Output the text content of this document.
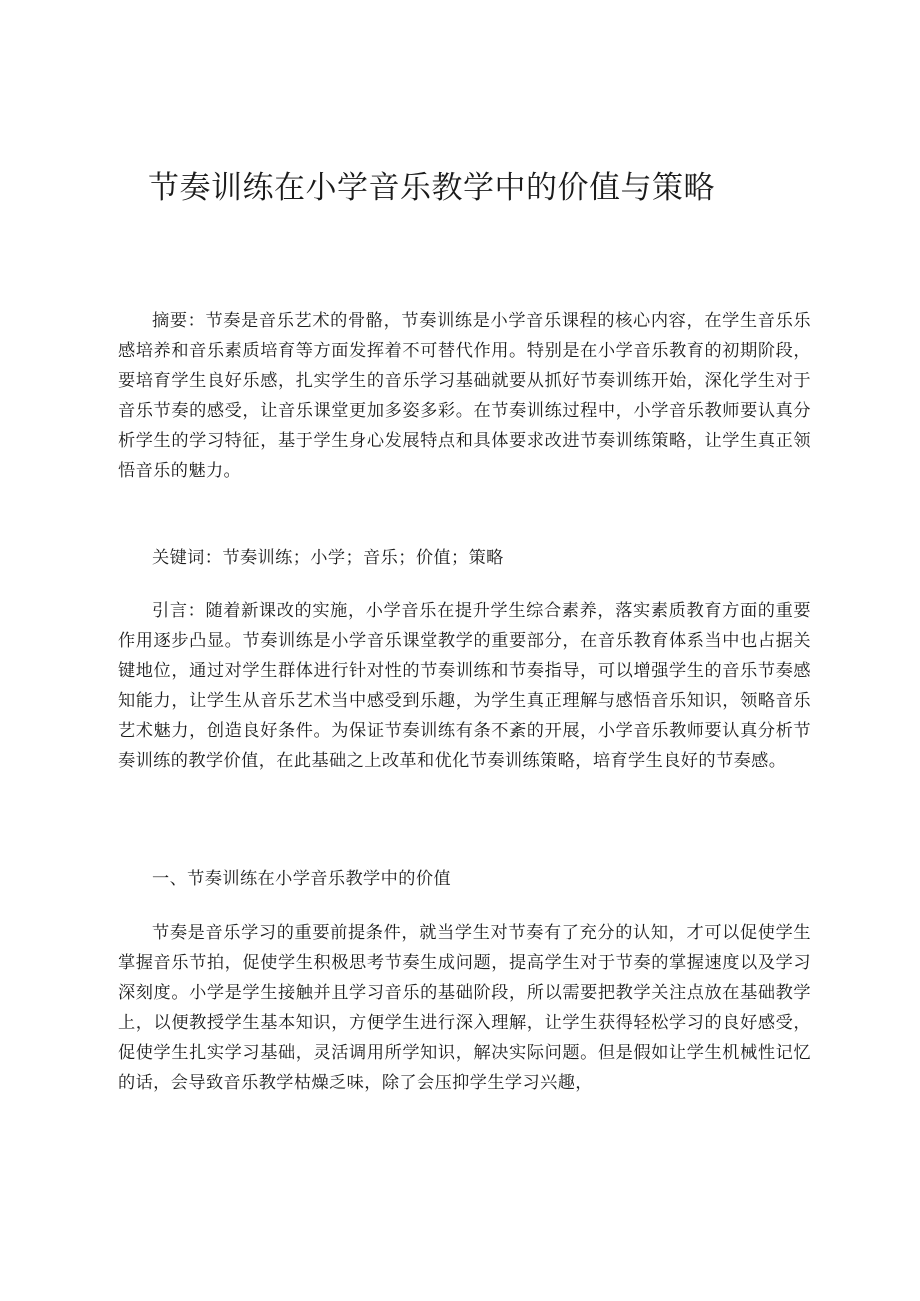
节奏训练在小学音乐教学中的价值与策略

摘要：节奏是音乐艺术的骨骼，节奏训练是小学音乐课程的核心内容，在学生音乐乐感培养和音乐素质培育等方面发挥着不可替代作用。特别是在小学音乐教育的初期阶段，要培育学生良好乐感，扎实学生的音乐学习基础就要从抓好节奏训练开始，深化学生对于音乐节奏的感受，让音乐课堂更加多姿多彩。在节奏训练过程中，小学音乐教师要认真分析学生的学习特征，基于学生身心发展特点和具体要求改进节奏训练策略，让学生真正领悟音乐的魅力。

关键词：节奏训练；小学；音乐；价值；策略

引言：随着新课改的实施，小学音乐在提升学生综合素养，落实素质教育方面的重要作用逐步凸显。节奏训练是小学音乐课堂教学的重要部分，在音乐教育体系当中也占据关键地位，通过对学生群体进行针对性的节奏训练和节奏指导，可以增强学生的音乐节奏感知能力，让学生从音乐艺术当中感受到乐趣，为学生真正理解与感悟音乐知识，领略音乐艺术魅力，创造良好条件。为保证节奏训练有条不紊的开展，小学音乐教师要认真分析节奏训练的教学价值，在此基础之上改革和优化节奏训练策略，培育学生良好的节奏感。

一、节奏训练在小学音乐教学中的价值

节奏是音乐学习的重要前提条件，就当学生对节奏有了充分的认知，才可以促使学生掌握音乐节拍，促使学生积极思考节奏生成问题，提高学生对于节奏的掌握速度以及学习深刻度。小学是学生接触并且学习音乐的基础阶段，所以需要把教学关注点放在基础教学上，以便教授学生基本知识，方便学生进行深入理解，让学生获得轻松学习的良好感受，促使学生扎实学习基础，灵活调用所学知识，解决实际问题。但是假如让学生机械性记忆的话，会导致音乐教学枯燥乏味，除了会压抑学生学习兴趣，
